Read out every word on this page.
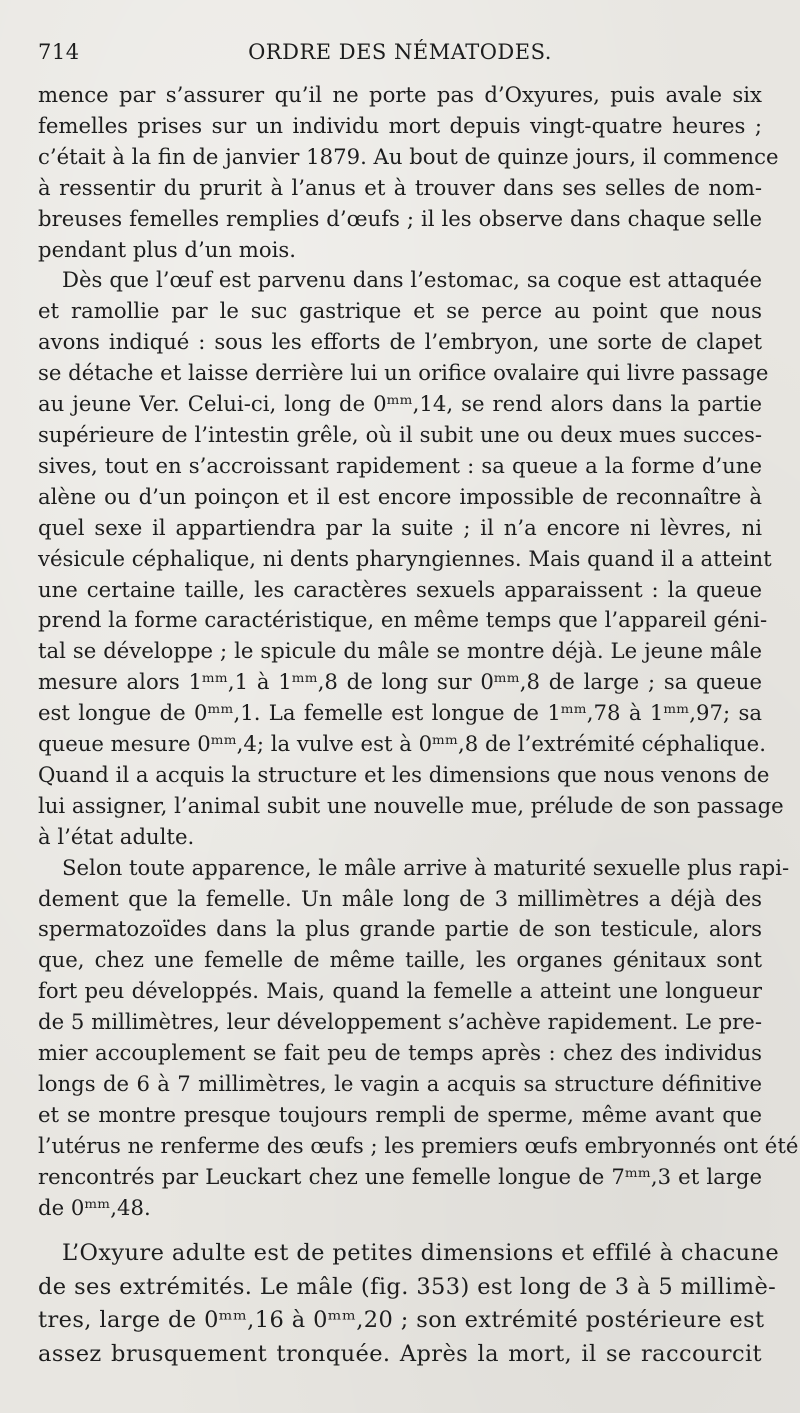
714	ORDRE DES NÉMATODES.
mence par s’assurer qu’il ne porte pas d’Oxyures, puis avale six
femelles prises sur un individu mort depuis vingt-quatre heures ;
c’était à la fin de janvier 1879. Au bout de quinze jours, il commence
à ressentir du prurit à l’anus et à trouver dans ses selles de nom-
breuses femelles remplies d’œufs ; il les observe dans chaque selle
pendant plus d’un mois.
Dès que l’œuf est parvenu dans l’estomac, sa coque est attaquée
et ramollie par le suc gastrique et se perce au point que nous
avons indiqué : sous les efforts de l’embryon, une sorte de clapet
se détache et laisse derrière lui un orifice ovalaire qui livre passage
au jeune Ver. Celui-ci, long de 0ᵐᵐ,14, se rend alors dans la partie
supérieure de l’intestin grêle, où il subit une ou deux mues succes-
sives, tout en s’accroissant rapidement : sa queue a la forme d’une
alène ou d’un poinçon et il est encore impossible de reconnaître à
quel sexe il appartiendra par la suite ; il n’a encore ni lèvres, ni
vésicule céphalique, ni dents pharyngiennes. Mais quand il a atteint
une certaine taille, les caractères sexuels apparaissent : la queue
prend la forme caractéristique, en même temps que l’appareil géni-
tal se développe ; le spicule du mâle se montre déjà. Le jeune mâle
mesure alors 1ᵐᵐ,1 à 1ᵐᵐ,8 de long sur 0ᵐᵐ,8 de large ; sa queue
est longue de 0ᵐᵐ,1. La femelle est longue de 1ᵐᵐ,78 à 1ᵐᵐ,97; sa
queue mesure 0ᵐᵐ,4; la vulve est à 0ᵐᵐ,8 de l’extrémité céphalique.
Quand il a acquis la structure et les dimensions que nous venons de
lui assigner, l’animal subit une nouvelle mue, prélude de son passage
à l’état adulte.
Selon toute apparence, le mâle arrive à maturité sexuelle plus rapi-
dement que la femelle. Un mâle long de 3 millimètres a déjà des
spermatozoïdes dans la plus grande partie de son testicule, alors
que, chez une femelle de même taille, les organes génitaux sont
fort peu développés. Mais, quand la femelle a atteint une longueur
de 5 millimètres, leur développement s’achève rapidement. Le pre-
mier accouplement se fait peu de temps après : chez des individus
longs de 6 à 7 millimètres, le vagin a acquis sa structure définitive
et se montre presque toujours rempli de sperme, même avant que
l’utérus ne renferme des œufs ; les premiers œufs embryonnés ont été
rencontrés par Leuckart chez une femelle longue de 7ᵐᵐ,3 et large
de 0ᵐᵐ,48.
L’Oxyure adulte est de petites dimensions et effilé à chacune
de ses extrémités. Le mâle (fig. 353) est long de 3 à 5 millimè-
tres, large de 0ᵐᵐ,16 à 0ᵐᵐ,20 ; son extrémité postérieure est
assez brusquement tronquée. Après la mort, il se raccourcit
